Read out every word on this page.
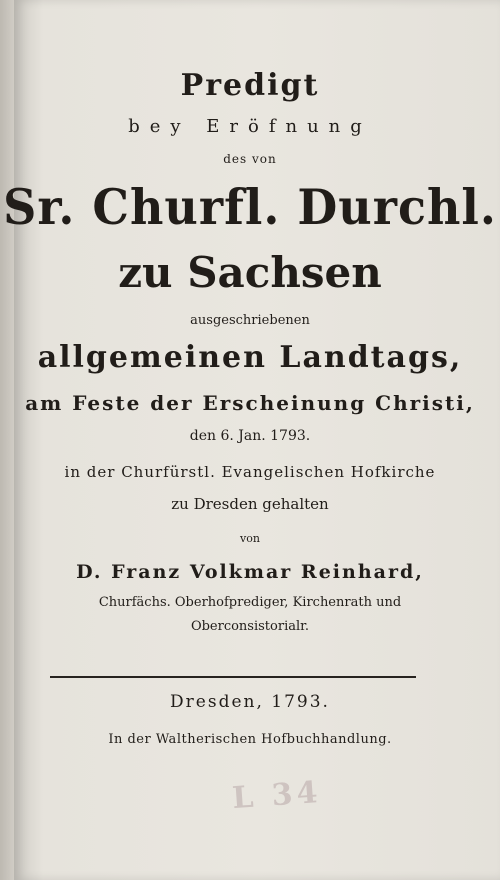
Predigt
bey Eröfnung
des von
Sr. Churfl. Durchl.
zu Sachsen
ausgeschriebenen
allgemeinen Landtags,
am Feste der Erscheinung Christi,
den 6. Jan. 1793.
in der Churfürstl. Evangelischen Hofkirche
zu Dresden gehalten
von
D. Franz Volkmar Reinhard,
Churfächs. Oberhofprediger, Kirchenrath und
Oberconsistorialr.
Dresden, 1793.
In der Waltherischen Hofbuchhandlung.
L 34
